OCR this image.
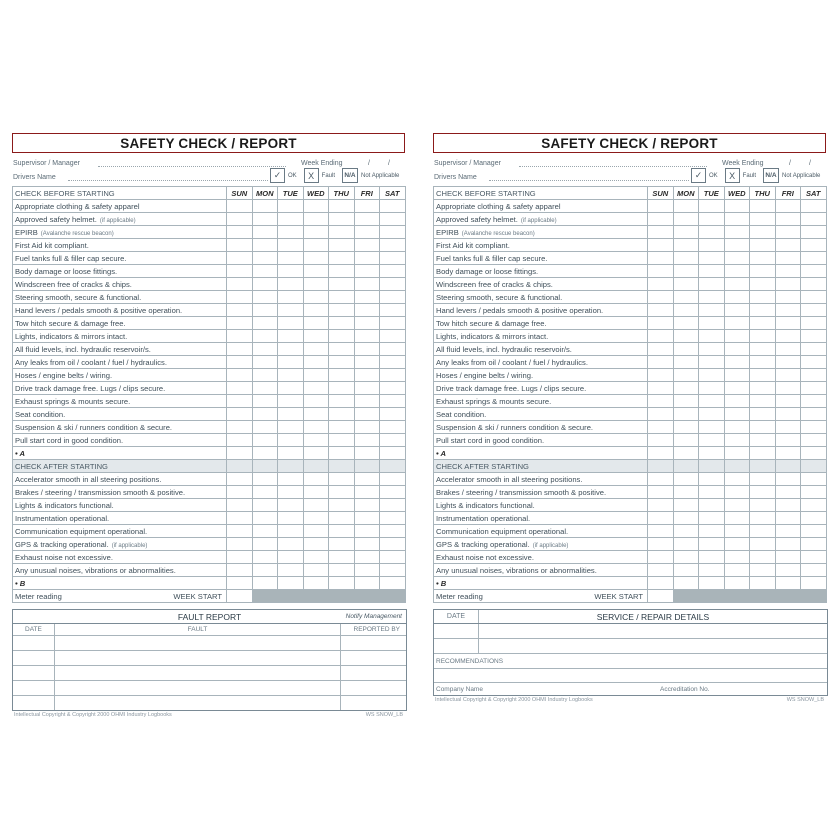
SAFETY CHECK / REPORT
Supervisor / Manager	Week Ending	/	/
Drivers Name	✓	OK	X	Fault	N/A Not Applicable
CHECK BEFORE STARTING	SUN	MON	TUE	WED	THU	FRI	SAT
Appropriate clothing & safety apparel							
Approved safety helmet. (if applicable)							
EPIRB (Avalanche rescue beacon)							
First Aid kit compliant.							
Fuel tanks full & filler cap secure.							
Body damage or loose fittings.							
Windscreen free of cracks & chips.							
Steering smooth, secure & functional.							
Hand levers / pedals smooth & positive operation.							
Tow hitch secure & damage free.							
Lights, indicators & mirrors intact.							
All fluid levels, incl. hydraulic reservoir/s.							
Any leaks from oil / coolant / fuel / hydraulics.							
Hoses / engine belts / wiring.							
Drive track damage free. Lugs / clips secure.							
Exhaust springs & mounts secure.							
Seat condition.							
Suspension & ski / runners condition & secure.							
Pull start cord in good condition.							
• A							
CHECK AFTER STARTING							
Accelerator smooth in all steering positions.							
Brakes / steering / transmission smooth & positive.							
Lights & indicators functional.							
Instrumentation operational.							
Communication equipment operational.							
GPS & tracking operational. (if applicable)							
Exhaust noise not excessive.							
Any unusual noises, vibrations or abnormalities.							
• B							

Meter reading WEEK START							

FAULT REPORT	Notify Management
DATE	FAULT	REPORTED BY
Intellectual Copyright & Copyright 2000 OHMI Industry Logbooks	WS SNOW_LB
SAFETY CHECK / REPORT
Supervisor / Manager	Week Ending	/	/
Drivers Name	✓	OK	X	Fault	N/A Not Applicable
CHECK BEFORE STARTING	SUN	MON	TUE	WED	THU	FRI	SAT
Appropriate clothing & safety apparel							
Approved safety helmet. (if applicable)							
EPIRB (Avalanche rescue beacon)							
First Aid kit compliant.							
Fuel tanks full & filler cap secure.							
Body damage or loose fittings.							
Windscreen free of cracks & chips.							
Steering smooth, secure & functional.							
Hand levers / pedals smooth & positive operation.							
Tow hitch secure & damage free.							
Lights, indicators & mirrors intact.							
All fluid levels, incl. hydraulic reservoir/s.							
Any leaks from oil / coolant / fuel / hydraulics.							
Hoses / engine belts / wiring.							
Drive track damage free. Lugs / clips secure.							
Exhaust springs & mounts secure.							
Seat condition.							
Suspension & ski / runners condition & secure.							
Pull start cord in good condition.							
• A							
CHECK AFTER STARTING							
Accelerator smooth in all steering positions.							
Brakes / steering / transmission smooth & positive.							
Lights & indicators functional.							
Instrumentation operational.							
Communication equipment operational.							
GPS & tracking operational. (if applicable)							
Exhaust noise not excessive.							
Any unusual noises, vibrations or abnormalities.							
• B							

Meter reading WEEK START							

DATE	SERVICE / REPAIR DETAILS
RECOMMENDATIONS
Company Name	Accreditation No.
Intellectual Copyright & Copyright 2000 OHMI Industry Logbooks	WS SNOW_LB
